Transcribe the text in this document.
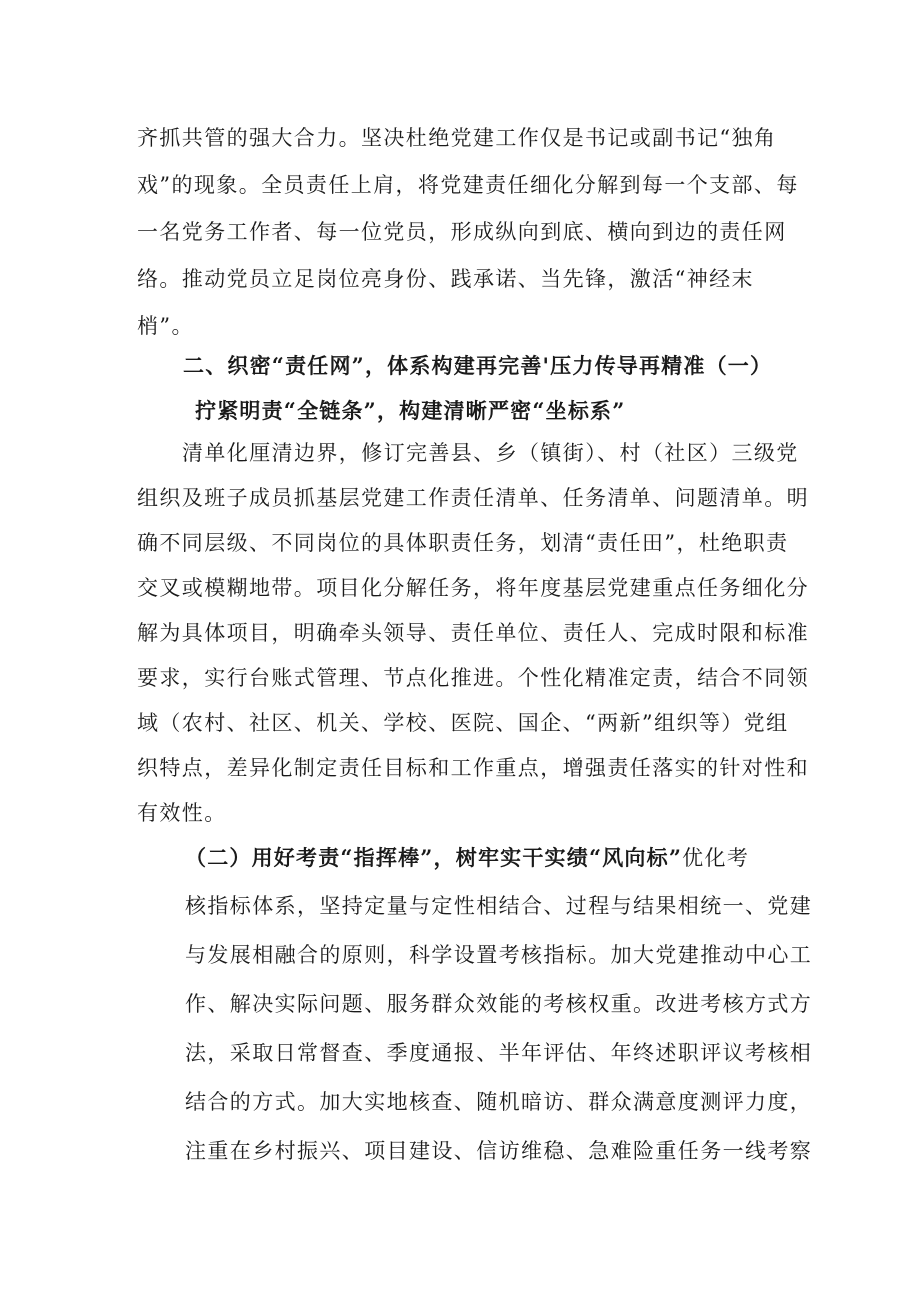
齐抓共管的强大合力。坚决杜绝党建工作仅是书记或副书记“独角
戏”的现象。全员责任上肩，将党建责任细化分解到每一个支部、每
一名党务工作者、每一位党员，形成纵向到底、横向到边的责任网
络。推动党员立足岗位亮身份、践承诺、当先锋，激活“神经末
梢”。
二、织密“责任网”，体系构建再完善'压力传导再精准（一）
拧紧明责“全链条”，构建清晰严密“坐标系”
清单化厘清边界，修订完善县、乡（镇街）、村（社区）三级党
组织及班子成员抓基层党建工作责任清单、任务清单、问题清单。明
确不同层级、不同岗位的具体职责任务，划清“责任田”，杜绝职责
交叉或模糊地带。项目化分解任务，将年度基层党建重点任务细化分
解为具体项目，明确牵头领导、责任单位、责任人、完成时限和标准
要求，实行台账式管理、节点化推进。个性化精准定责，结合不同领
域（农村、社区、机关、学校、医院、国企、“两新”组织等）党组
织特点，差异化制定责任目标和工作重点，增强责任落实的针对性和
有效性。
（二）用好考责“指挥棒”，树牢实干实绩“风向标”优化考
核指标体系，坚持定量与定性相结合、过程与结果相统一、党建
与发展相融合的原则，科学设置考核指标。加大党建推动中心工
作、解决实际问题、服务群众效能的考核权重。改进考核方式方
法，采取日常督查、季度通报、半年评估、年终述职评议考核相
结合的方式。加大实地核查、随机暗访、群众满意度测评力度，
注重在乡村振兴、项目建设、信访维稳、急难险重任务一线考察
